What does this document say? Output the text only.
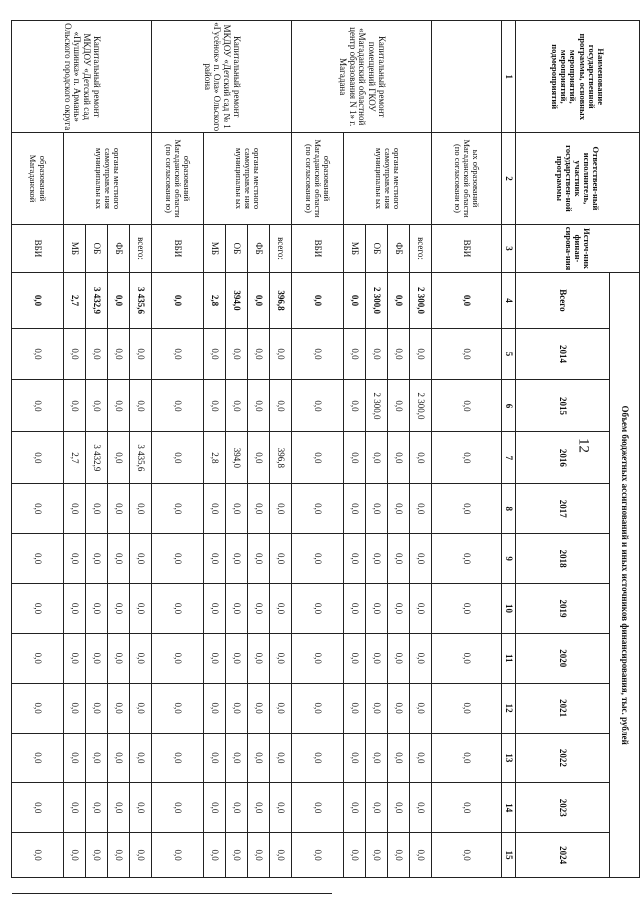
12
Наименование государственной программы, основных мероприятий, мероприятий, подмероприятий	Ответствен-ный исполнитель, участник государствен-ной программы	Источ-ник финан-сирова-ния	Объем бюджетных ассигнований и иных источников финансирования, тыс. рублей											
			Всего	2014	2015	2016	2017	2018	2019	2020	2021	2022	2023	2024
1	2	3	4	5	6	7	8	9	10	11	12	13	14	15
	ых образований Магаданской области (по согласовани ю)	ВБИ	0,0	0,0	0,0	0,0	0,0	0,0	0,0	0,0	0,0	0,0	0,0	0,0
Капитальный ремонт помещений ГКОУ «Магаданский областной центр образования N 1» г. Магадана	органы местного самоуправле ния муниципальн ых	всего:	2 300,0	0,0	2 300,0	0,0	0,0	0,0	0,0	0,0	0,0	0,0	0,0	0,0
		ФБ	0,0	0,0	0,0	0,0	0,0	0,0	0,0	0,0	0,0	0,0	0,0	0,0
		ОБ	2 300,0	0,0	2 300,0	0,0	0,0	0,0	0,0	0,0	0,0	0,0	0,0	0,0
		МБ	0,0	0,0	0,0	0,0	0,0	0,0	0,0	0,0	0,0	0,0	0,0	0,0
	образований Магаданской области (по согласовани ю)	ВБИ	0,0	0,0	0,0	0,0	0,0	0,0	0,0	0,0	0,0	0,0	0,0	0,0
Капитальный ремонт МКДОУ «Детский сад № 1 «Гусёнок» п. Ола» Ольского района	органы местного самоуправле ния муниципальн ых	всего:	396,8	0,0	0,0	396,8	0,0	0,0	0,0	0,0	0,0	0,0	0,0	0,0
		ФБ	0,0	0,0	0,0	0,0	0,0	0,0	0,0	0,0	0,0	0,0	0,0	0,0
		ОБ	394,0	0,0	0,0	394,0	0,0	0,0	0,0	0,0	0,0	0,0	0,0	0,0
		МБ	2,8	0,0	0,0	2,8	0,0	0,0	0,0	0,0	0,0	0,0	0,0	0,0
	образований Магаданской области (по согласовани ю)	ВБИ	0,0	0,0	0,0	0,0	0,0	0,0	0,0	0,0	0,0	0,0	0,0	0,0
Капитальный ремонт МКДОУ «Детский сад «Пушинка» п. Армань» Ольского городского округа	органы местного самоуправле ния муниципальн ых	всего:	3 435,6	0,0	0,0	3 435,6	0,0	0,0	0,0	0,0	0,0	0,0	0,0	0,0
		ФБ	0,0	0,0	0,0	0,0	0,0	0,0	0,0	0,0	0,0	0,0	0,0	0,0
		ОБ	3 432,9	0,0	0,0	3 432,9	0,0	0,0	0,0	0,0	0,0	0,0	0,0	0,0
		МБ	2,7	0,0	0,0	2,7	0,0	0,0	0,0	0,0	0,0	0,0	0,0	0,0
	образований Магаданской	ВБИ	0,0	0,0	0,0	0,0	0,0	0,0	0,0	0,0	0,0	0,0	0,0	0,0
